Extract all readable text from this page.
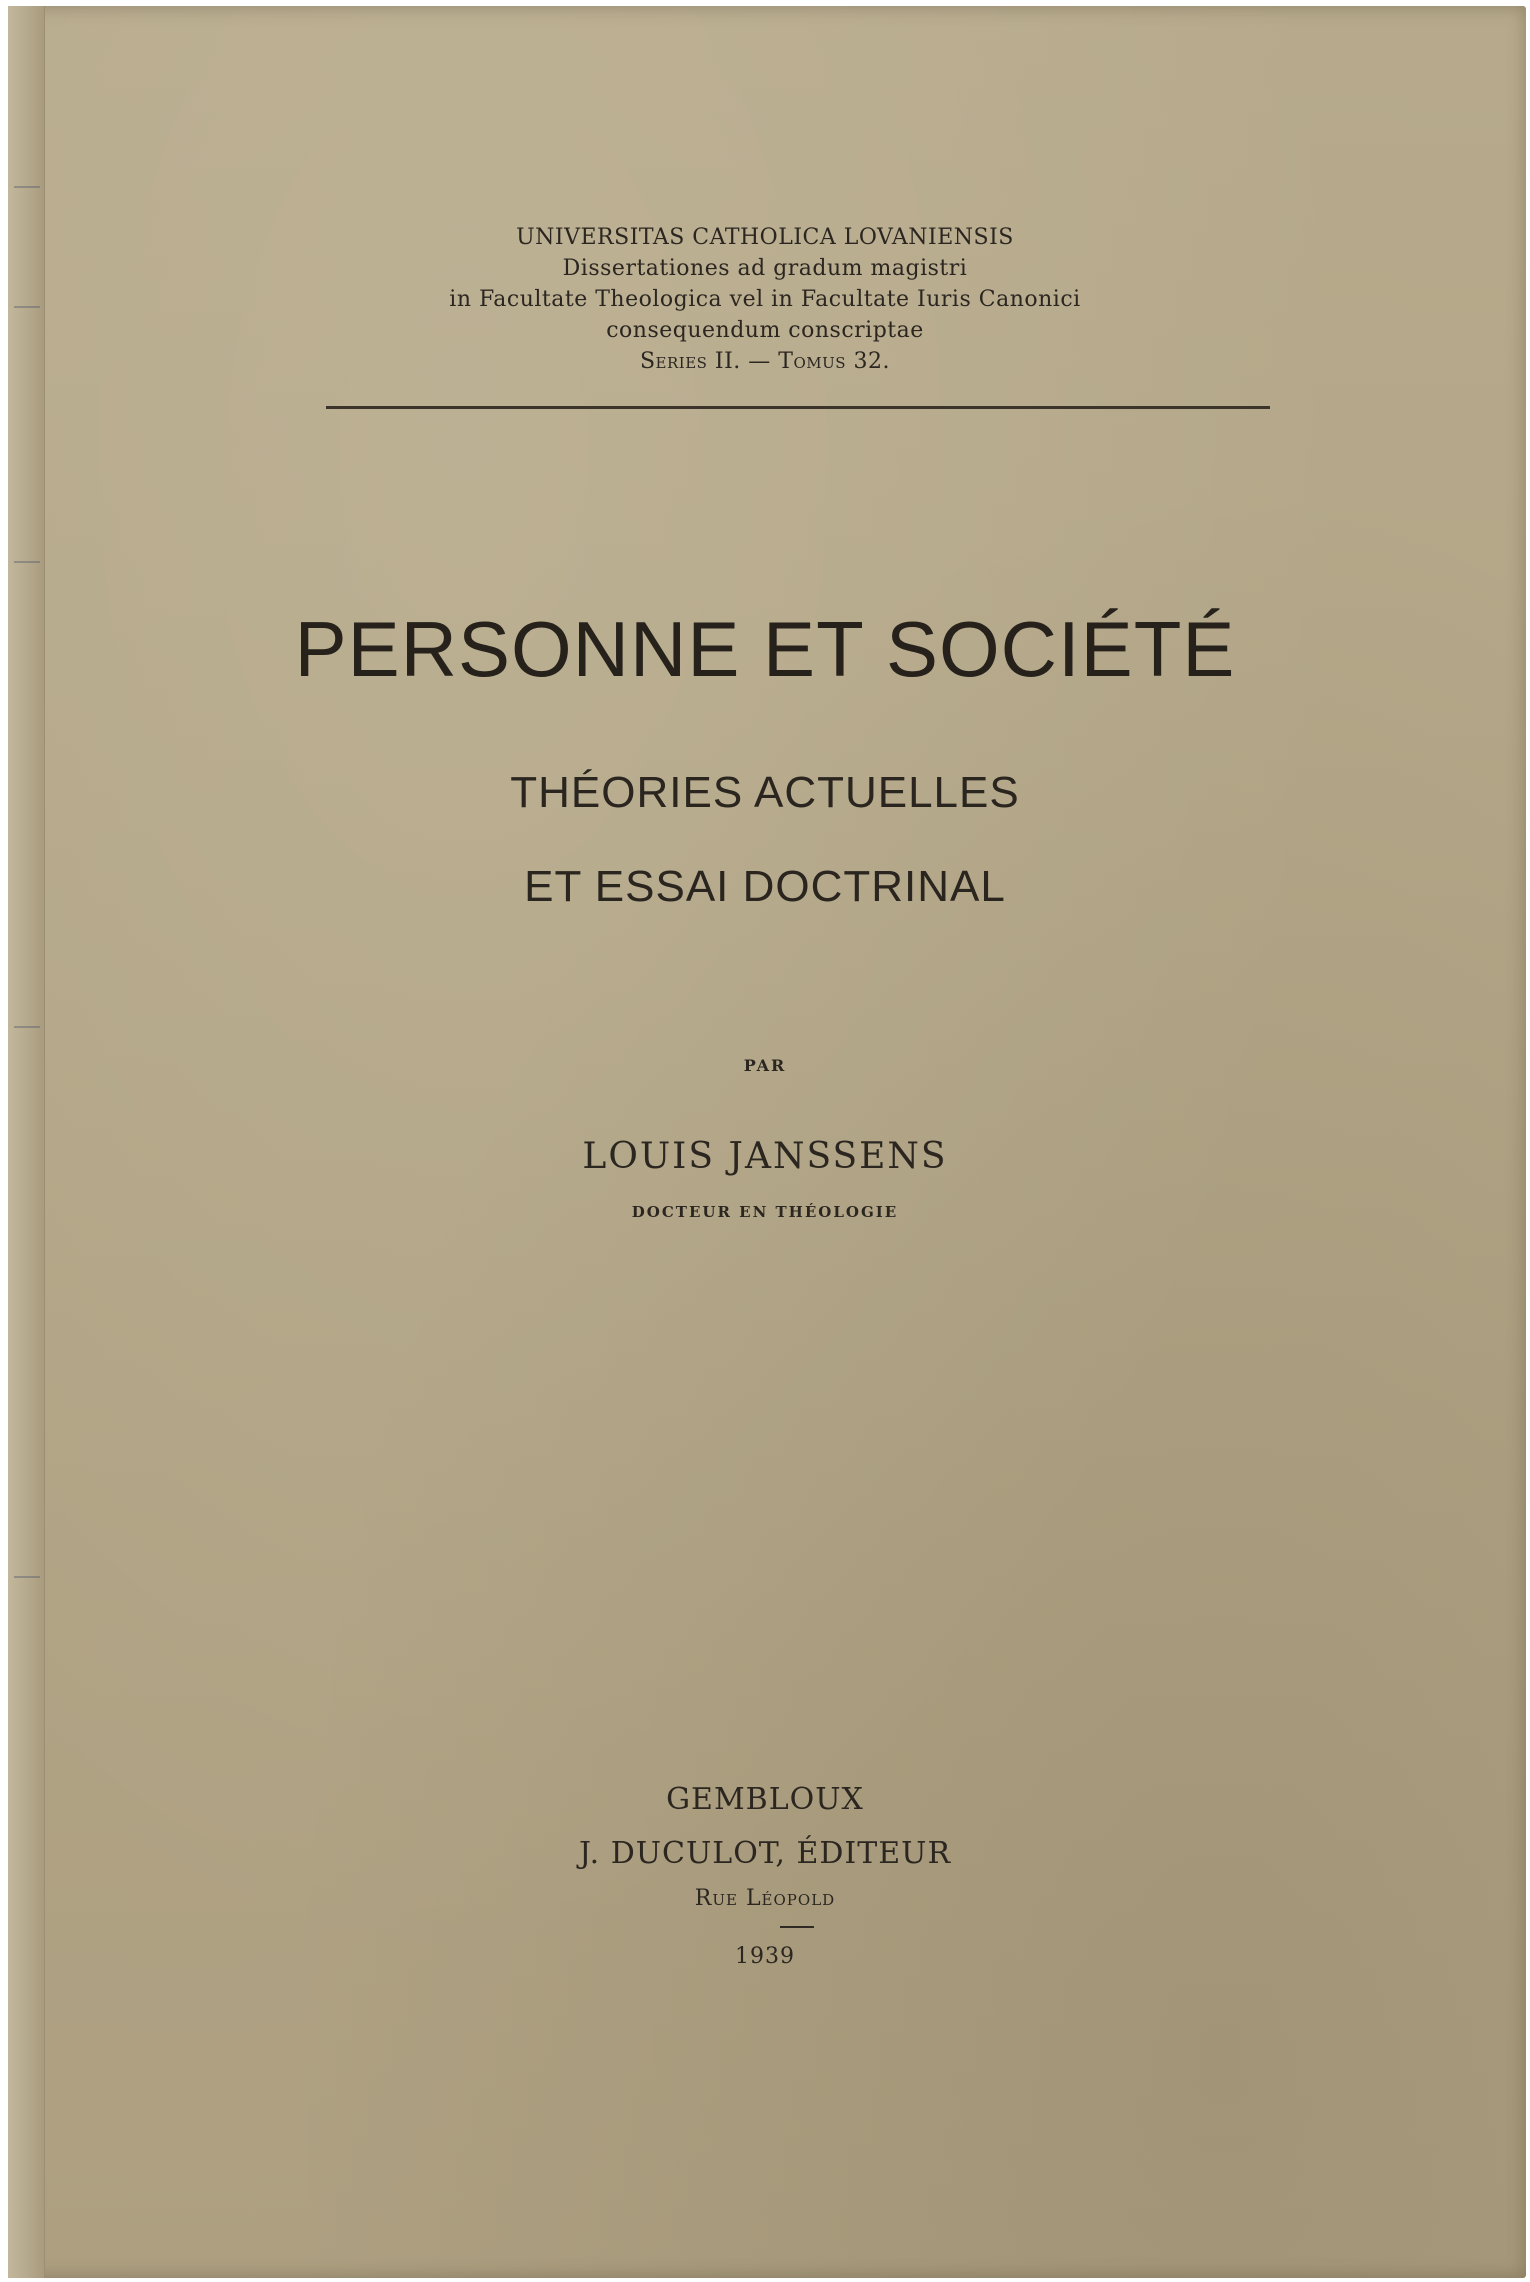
UNIVERSITAS CATHOLICA LOVANIENSIS
Dissertationes ad gradum magistri
in Facultate Theologica vel in Facultate Iuris Canonici
consequendum conscriptae
Series II. — Tomus 32.
PERSONNE ET SOCIÉTÉ
THÉORIES ACTUELLES
ET ESSAI DOCTRINAL
PAR
LOUIS JANSSENS
DOCTEUR EN THÉOLOGIE
GEMBLOUX
J. DUCULOT, ÉDITEUR
Rue Léopold
1939
